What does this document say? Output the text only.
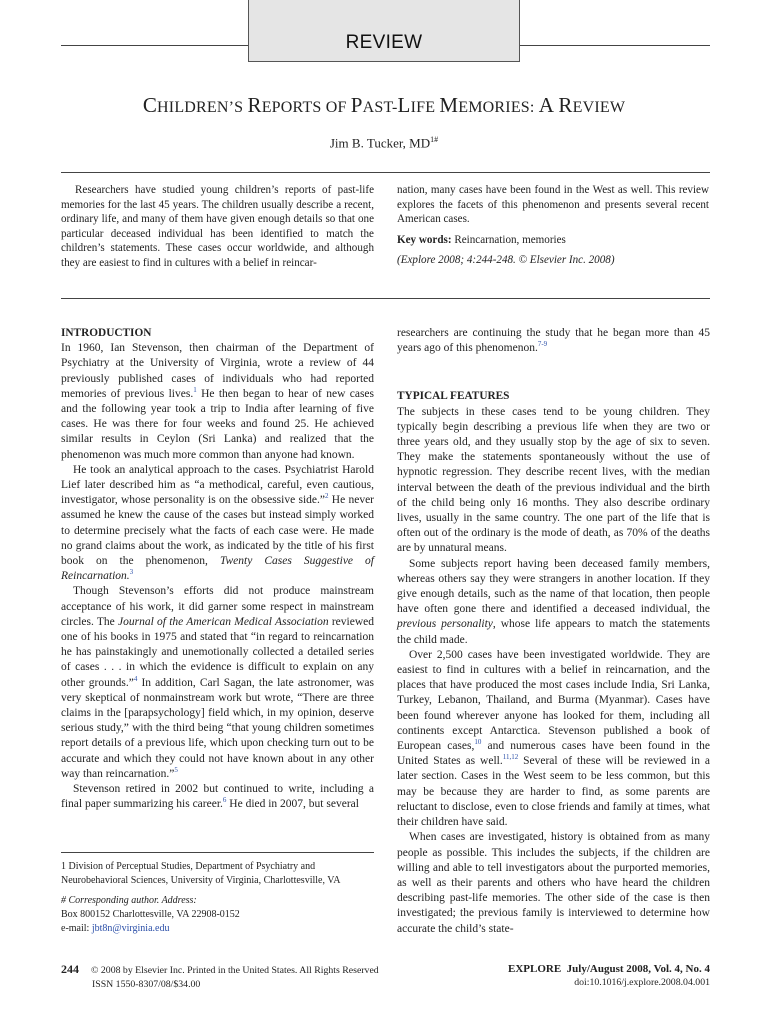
REVIEW
CHILDREN’S REPORTS OF PAST-LIFE MEMORIES: A REVIEW
Jim B. Tucker, $MD^{1\#}$

Researchers have studied young children’s reports of past-life memories for the last 45 years. The children usually describe a recent, ordinary life, and many of them have given enough details so that one particular deceased individual has been identified to match the children’s statements. These cases occur worldwide, and although they are easiest to find in cultures with a belief in reincar-

nation, many cases have been found in the West as well. This review explores the facets of this phenomenon and presents several recent American cases.

Key words: Reincarnation, memories

(Explore 2008; 4:244-248. © Elsevier Inc. 2008)

INTRODUCTION

In 1960, Ian Stevenson, then chairman of the Department of Psychiatry at the University of Virginia, wrote a review of 44 previously published cases of individuals who had reported memories of previous lives.$^1$ He then began to hear of new cases and the following year took a trip to India after learning of five cases. He was there for four weeks and found 25. He achieved similar results in Ceylon (Sri Lanka) and realized that the phenomenon was much more common than anyone had known.

He took an analytical approach to the cases. Psychiatrist Harold Lief later described him as “a methodical, careful, even cautious, investigator, whose personality is on the obsessive side.”$^2$ He never assumed he knew the cause of the cases but instead simply worked to determine precisely what the facts of each case were. He made no grand claims about the work, as indicated by the title of his first book on the phenomenon, Twenty Cases Suggestive of Reincarnation.$^3$

Though Stevenson’s efforts did not produce mainstream acceptance of his work, it did garner some respect in mainstream circles. The Journal of the American Medical Association reviewed one of his books in 1975 and stated that “in regard to reincarnation he has painstakingly and unemotionally collected a detailed series of cases . . . in which the evidence is difficult to explain on any other grounds.”$^4$ In addition, Carl Sagan, the late astronomer, was very skeptical of nonmainstream work but wrote, “There are three claims in the [parapsychology] field which, in my opinion, deserve serious study,” with the third being “that young children sometimes report details of a previous life, which upon checking turn out to be accurate and which they could not have known about in any other way than reincarnation.”$^5$

Stevenson retired in 2002 but continued to write, including a final paper summarizing his career.$^6$ He died in 2007, but several

researchers are continuing the study that he began more than 45 years ago of this phenomenon.$^{7-9}$

TYPICAL FEATURES

The subjects in these cases tend to be young children. They typically begin describing a previous life when they are two or three years old, and they usually stop by the age of six to seven. They make the statements spontaneously without the use of hypnotic regression. They describe recent lives, with the median interval between the death of the previous individual and the birth of the child being only 16 months. They also describe ordinary lives, usually in the same country. The one part of the life that is often out of the ordinary is the mode of death, as 70% of the deaths are by unnatural means.

Some subjects report having been deceased family members, whereas others say they were strangers in another location. If they give enough details, such as the name of that location, then people have often gone there and identified a deceased individual, the previous personality, whose life appears to match the statements the child made.

Over 2,500 cases have been investigated worldwide. They are easiest to find in cultures with a belief in reincarnation, and the places that have produced the most cases include India, Sri Lanka, Turkey, Lebanon, Thailand, and Burma (Myanmar). Cases have been found wherever anyone has looked for them, including all continents except Antarctica. Stevenson published a book of European cases,$^{10}$ and numerous cases have been found in the United States as well.$^{11,12}$ Several of these will be reviewed in a later section. Cases in the West seem to be less common, but this may be because they are harder to find, as some parents are reluctant to disclose, even to close friends and family at times, what their children have said.

When cases are investigated, history is obtained from as many people as possible. This includes the subjects, if the children are willing and able to tell investigators about the purported memories, as well as their parents and others who have heard the children describing past-life memories. The other side of the case is then investigated; the previous family is interviewed to determine how accurate the child’s state-

1 Division of Perceptual Studies, Department of Psychiatry and Neurobehavioral Sciences, University of Virginia, Charlottesville, VA

# Corresponding author. Address:

Box 800152 Charlottesville, VA 22908-0152

e-mail: jbt8n@virginia.edu

244 © 2008 by Elsevier Inc. Printed in the United States. All Rights Reserved
ISSN 1550-8307/08/$34.00
EXPLORE  July/August 2008, Vol. 4, No. 4
doi:10.1016/j.explore.2008.04.001
